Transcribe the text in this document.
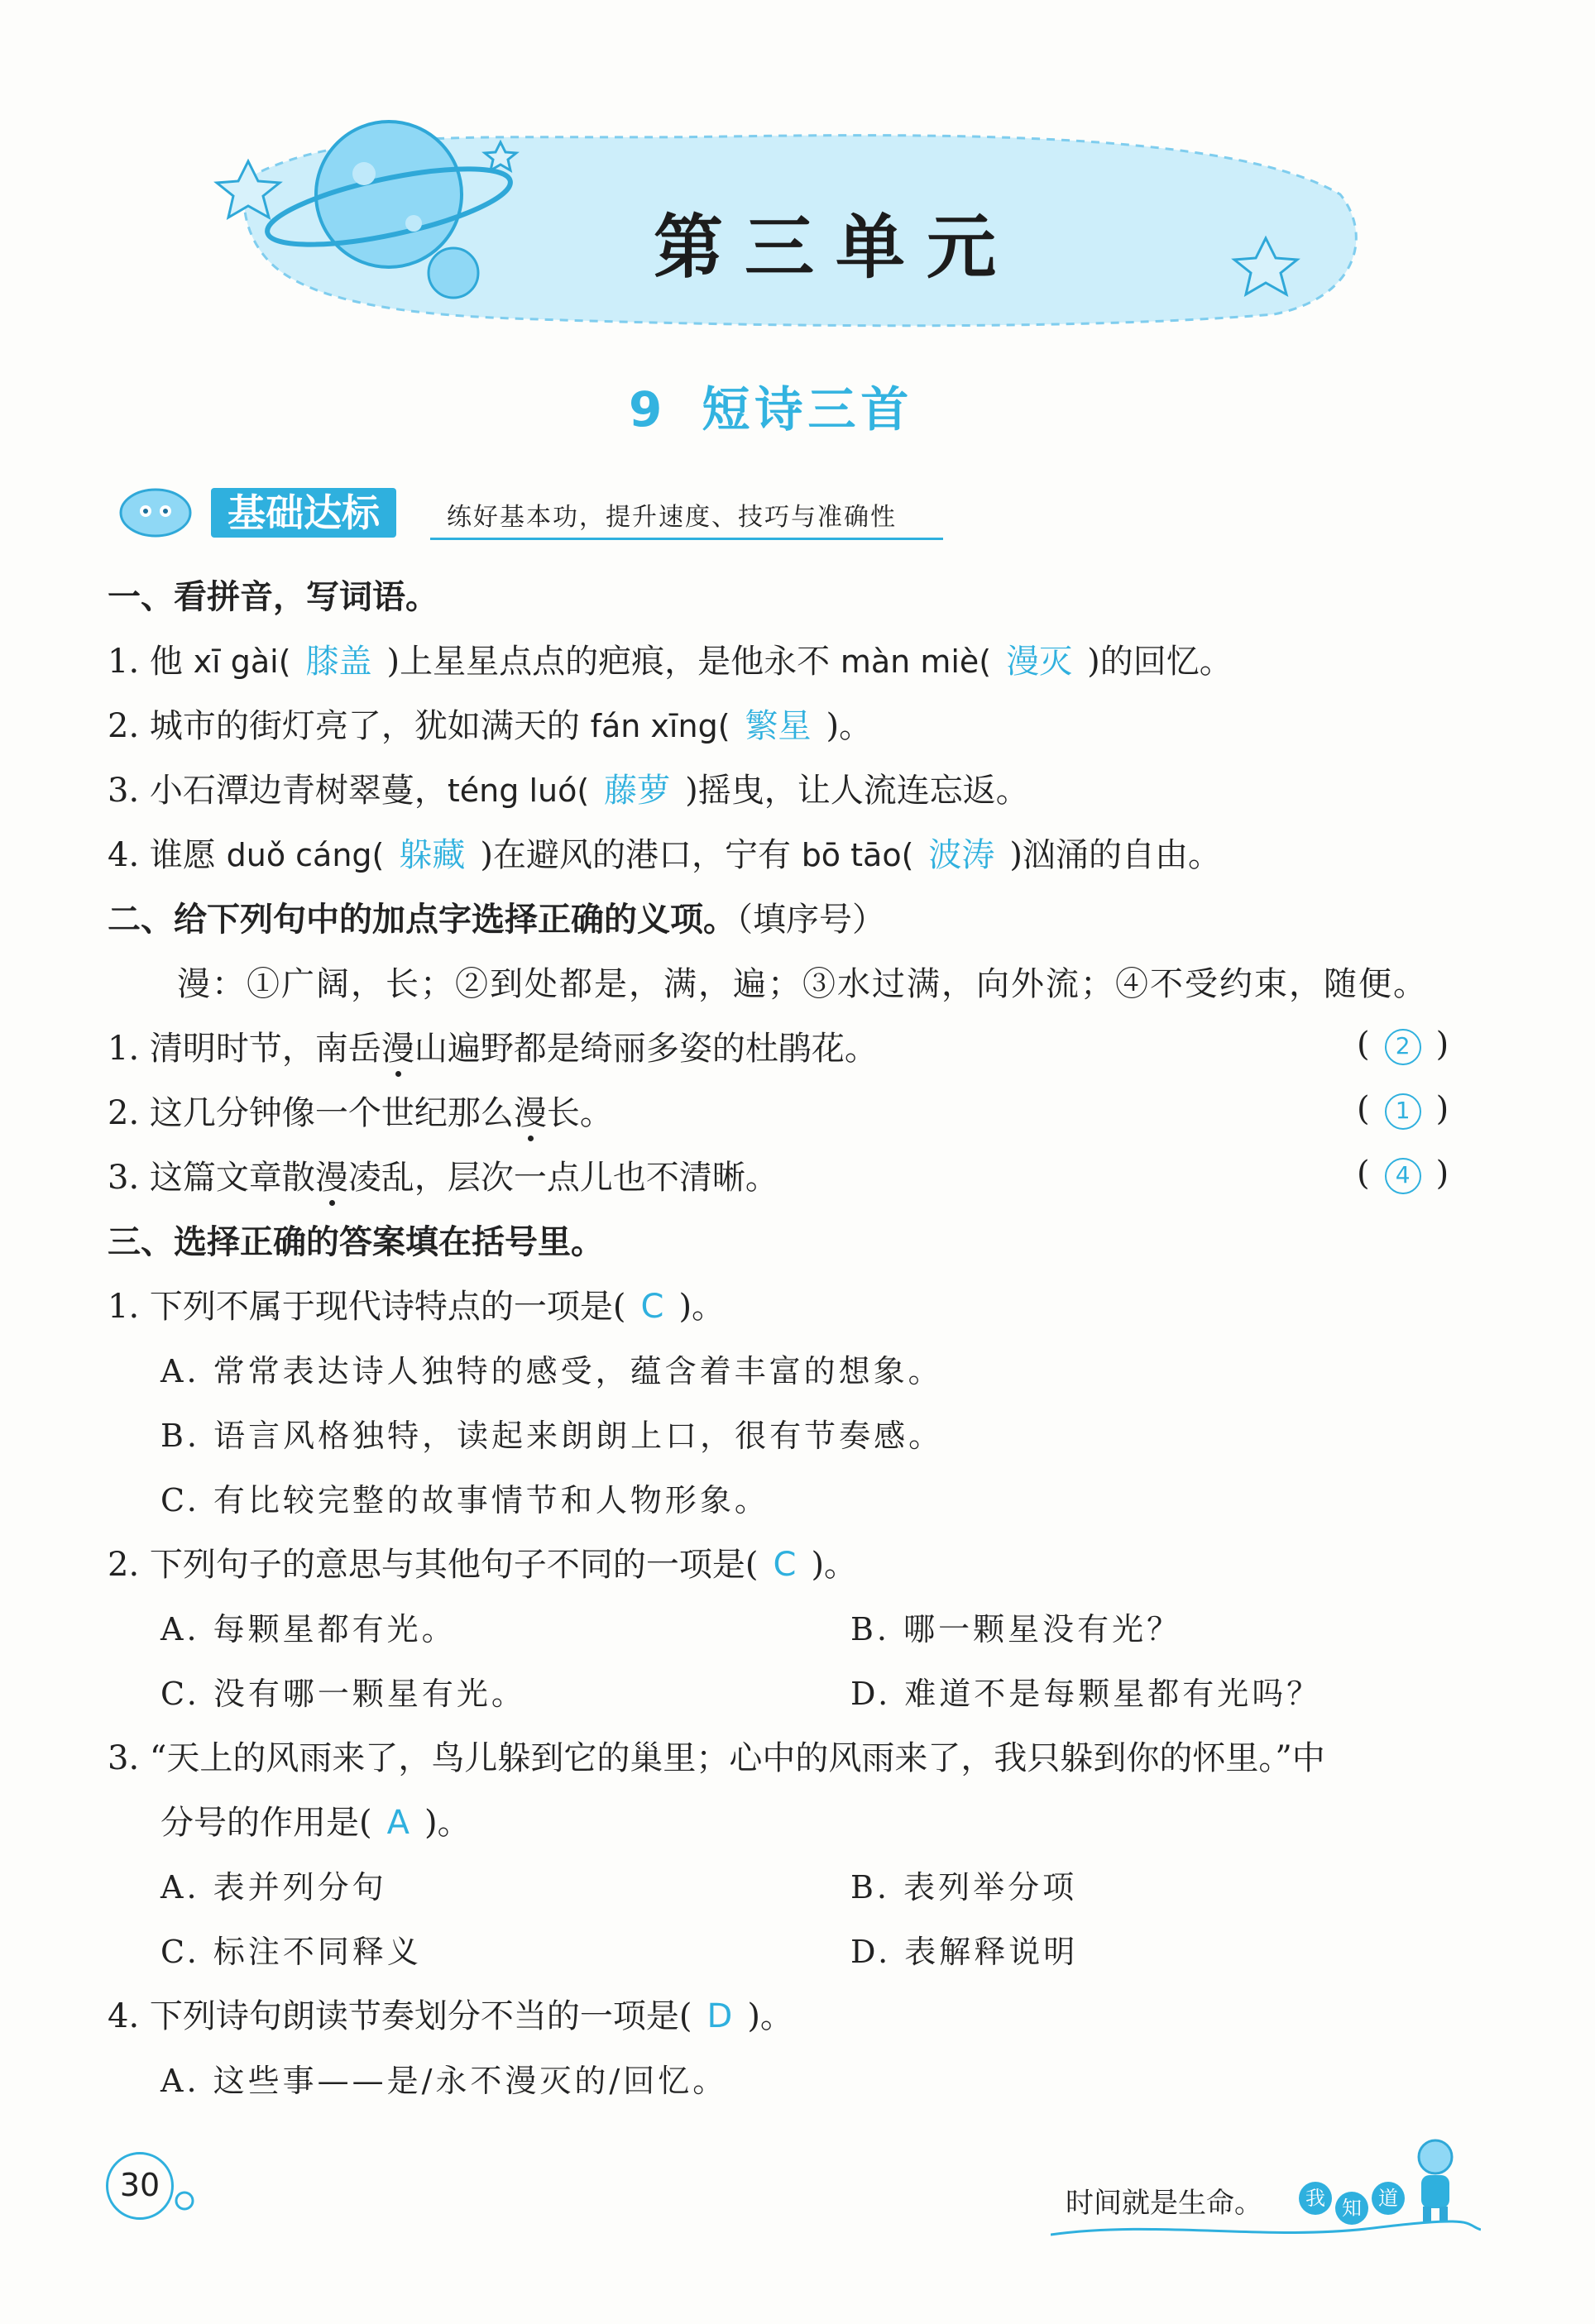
第三单元
9 短诗三首
基础达标	练好基本功，提升速度、技巧与准确性
一、看拼音，写词语。
1. 他 xī gài( 膝盖 )上星星点点的疤痕，是他永不 màn miè( 漫灭 )的回忆。
2. 城市的街灯亮了，犹如满天的 fán xīng( 繁星 )。
3. 小石潭边青树翠蔓，téng luó( 藤萝 )摇曳，让人流连忘返。
4. 谁愿 duǒ cáng( 躲藏 )在避风的港口，宁有 bō tāo( 波涛 )汹涌的自由。
二、给下列句中的加点字选择正确的义项。（填序号）
漫：①广阔，长；②到处都是，满，遍；③水过满，向外流；④不受约束，随便。
1. 清明时节，南岳漫山遍野都是绮丽多姿的杜鹃花。	( 2 )
2. 这几分钟像一个世纪那么漫长。	( 1 )
3. 这篇文章散漫凌乱，层次一点儿也不清晰。	( 4 )
三、选择正确的答案填在括号里。
1. 下列不属于现代诗特点的一项是( C )。
A. 常常表达诗人独特的感受，蕴含着丰富的想象。
B. 语言风格独特，读起来朗朗上口，很有节奏感。
C. 有比较完整的故事情节和人物形象。
2. 下列句子的意思与其他句子不同的一项是( C )。
A. 每颗星都有光。	B. 哪一颗星没有光？
C. 没有哪一颗星有光。	D. 难道不是每颗星都有光吗？
3. “天上的风雨来了，鸟儿躲到它的巢里；心中的风雨来了，我只躲到你的怀里。”中
分号的作用是( A )。
A. 表并列分句	B. 表列举分项
C. 标注不同释义	D. 表解释说明
4. 下列诗句朗读节奏划分不当的一项是( D )。
A. 这些事——是/永不漫灭的/回忆。
30	时间就是生命。	我 知 道
